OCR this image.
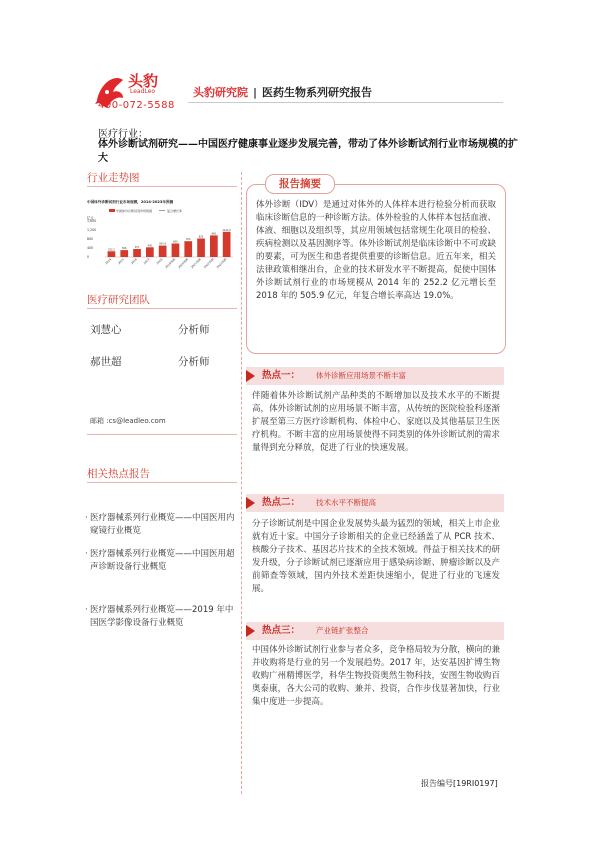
头豹
LeadLeo
400-072-5588
头豹研究院 | 医药生物系列研究报告
医疗行业：
体外诊断试剂研究——中国医疗健康事业逐步发展完善，带动了体外诊断试剂行业市场规模的扩大
行业走势图
中国体外诊断试剂行业市场规模，2014-2023年预测
中国体外诊断试剂市场规模	复合增长率
亿元
1,600
1,200
800
400
0
252.2
2014
306
2015
357
2016
430
2017
505.9
2018
600
2019预测
704
2020预测
822
2021预测
960
2022预测
1121.6
2023预测
医疗研究团队
刘慧心	分析师
郝世超	分析师
邮箱 :cs@leadleo.com
相关热点报告
· 医疗器械系列行业概览——中国医用内窥镜行业概览
· 医疗器械系列行业概览——中国医用超声诊断设备行业概览
· 医疗器械系列行业概览——2019 年中国医学影像设备行业概览
报告摘要
体外诊断（IDV）是通过对体外的人体样本进行检验分析而获取临床诊断信息的一种诊断方法。体外检验的人体样本包括血液、体液、细胞以及组织等，其应用领域包括常规生化项目的检验、疾病检测以及基因测序等。体外诊断试剂是临床诊断中不可或缺的要素，可为医生和患者提供重要的诊断信息。近五年来，相关法律政策相继出台，企业的技术研发水平不断提高，促使中国体外诊断试剂行业的市场规模从 2014 年的 252.2 亿元增长至 2018 年的 505.9 亿元，年复合增长率高达 19.0%。
热点一： 体外诊断应用场景不断丰富
伴随着体外诊断试剂产品种类的不断增加以及技术水平的不断提高，体外诊断试剂的应用场景不断丰富，从传统的医院检验科逐渐扩展至第三方医疗诊断机构、体检中心、家庭以及其他基层卫生医疗机构。不断丰富的应用场景使得不同类别的体外诊断试剂的需求量得到充分释放，促进了行业的快速发展。
热点二： 技术水平不断提高
分子诊断试剂是中国企业发展势头最为猛烈的领域，相关上市企业就有近十家。中国分子诊断相关的企业已经涵盖了从 PCR 技术、核酸分子技术、基因芯片技术的全技术领域。得益于相关技术的研发升级，分子诊断试剂已逐渐应用于感染病诊断、肿瘤诊断以及产前筛查等领域，国内外技术差距快速缩小，促进了行业的飞速发展。
热点三： 产业链扩张整合
中国体外诊断试剂行业参与者众多，竞争格局较为分散，横向的兼并收购将是行业的另一个发展趋势。2017 年，达安基因扩博生物收购广州精博医学，科华生物投资奥然生物科技，安图生物收购百奥泰康，各大公司的收购、兼并、投资，合作步伐显著加快，行业集中度进一步提高。
报告编号[19RI0197]
